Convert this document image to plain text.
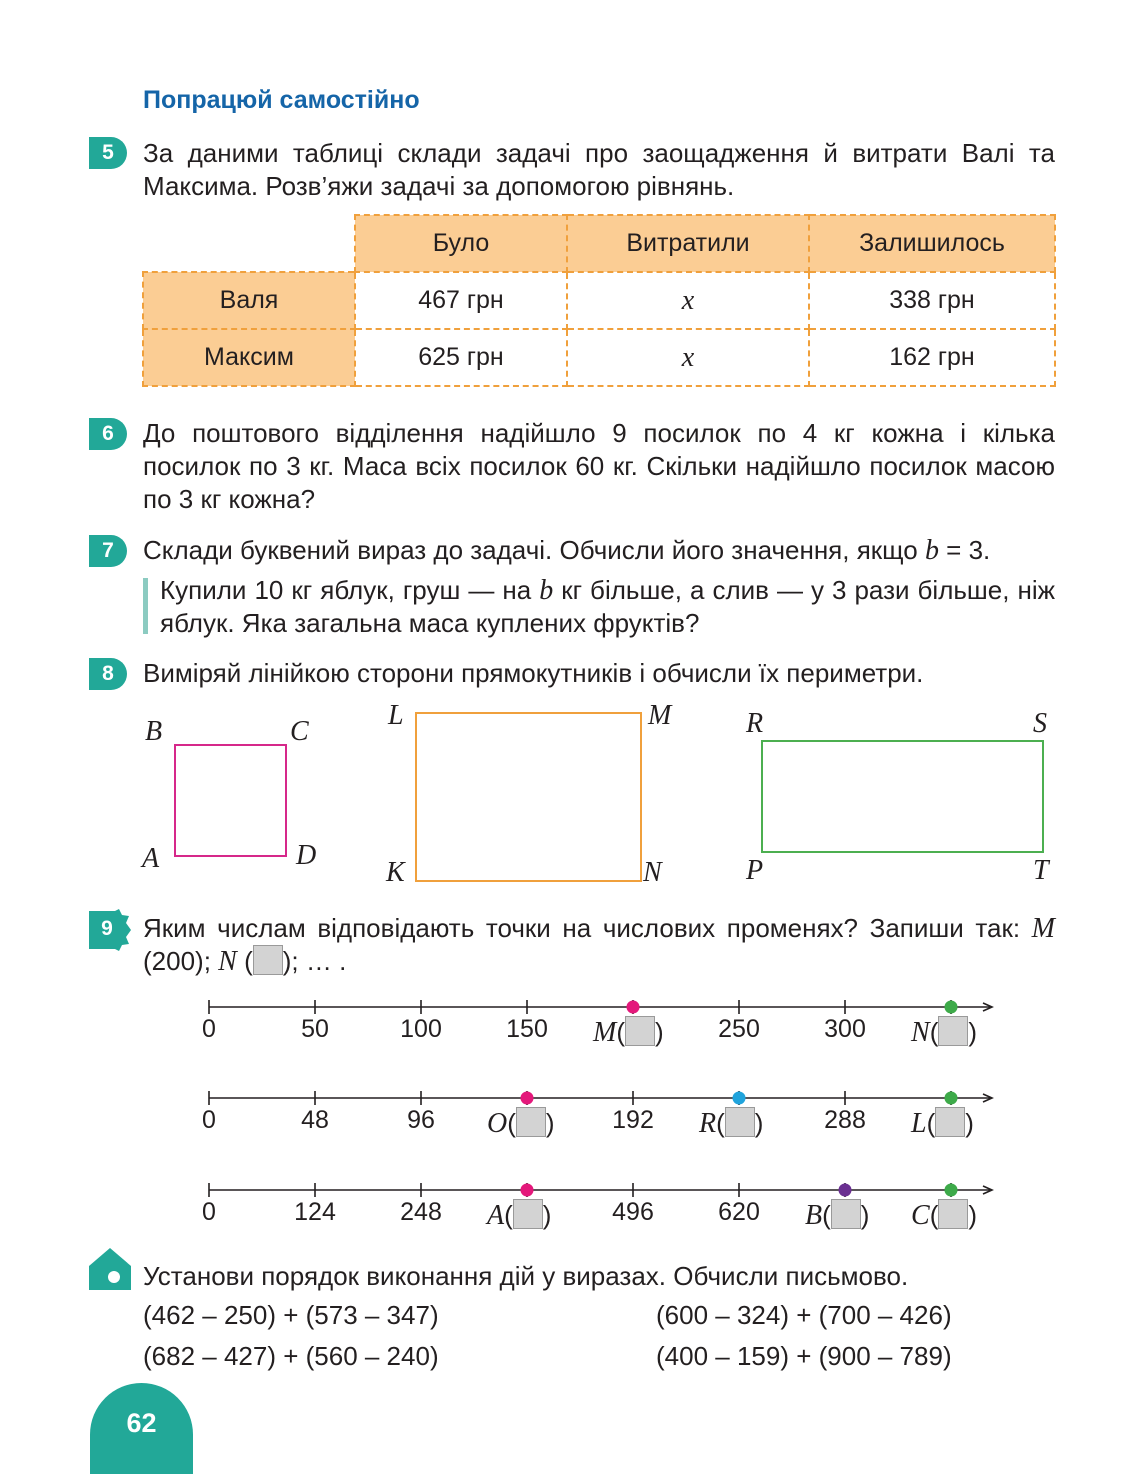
Попрацюй самостійно
5	За даними таблиці склади задачі про заощадження й витрати Валі та Максима. Розв’яжи задачі за допомогою рівнянь.
	Було	Витратили	Залишилось
Валя	467 грн	x	338 грн
Максим	625 грн	x	162 грн
6	До поштового відділення надійшло 9 посилок по 4 кг кожна і кілька посилок по 3 кг. Маса всіх посилок 60 кг. Скільки надійшло посилок масою по 3 кг кожна?
7	Склади буквений вираз до задачі. Обчисли його значення, якщо b = 3.
Купили 10 кг яблук, груш — на b кг більше, а слив — у 3 рази більше, ніж яблук. Яка загальна маса куплених фруктів?
8	Виміряй лінійкою сторони прямокутників і обчисли їх периметри.
B	C
A	D
L	M
K	N
R	S
P	T
9	Яким числам відповідають точки на числових променях? Запиши так: M (200); N ( ); … .
0	50	100	150	250	300
M( )	N( )
0	48	96	192	288
O( )	R( )	L( )
0	124	248	496	620
A( )	B( ) C( )
Установи порядок виконання дій у виразах. Обчисли письмово.
(462 – 250) + (573 – 347)	(600 – 324) + (700 – 426)
(682 – 427) + (560 – 240)	(400 – 159) + (900 – 789)
62
